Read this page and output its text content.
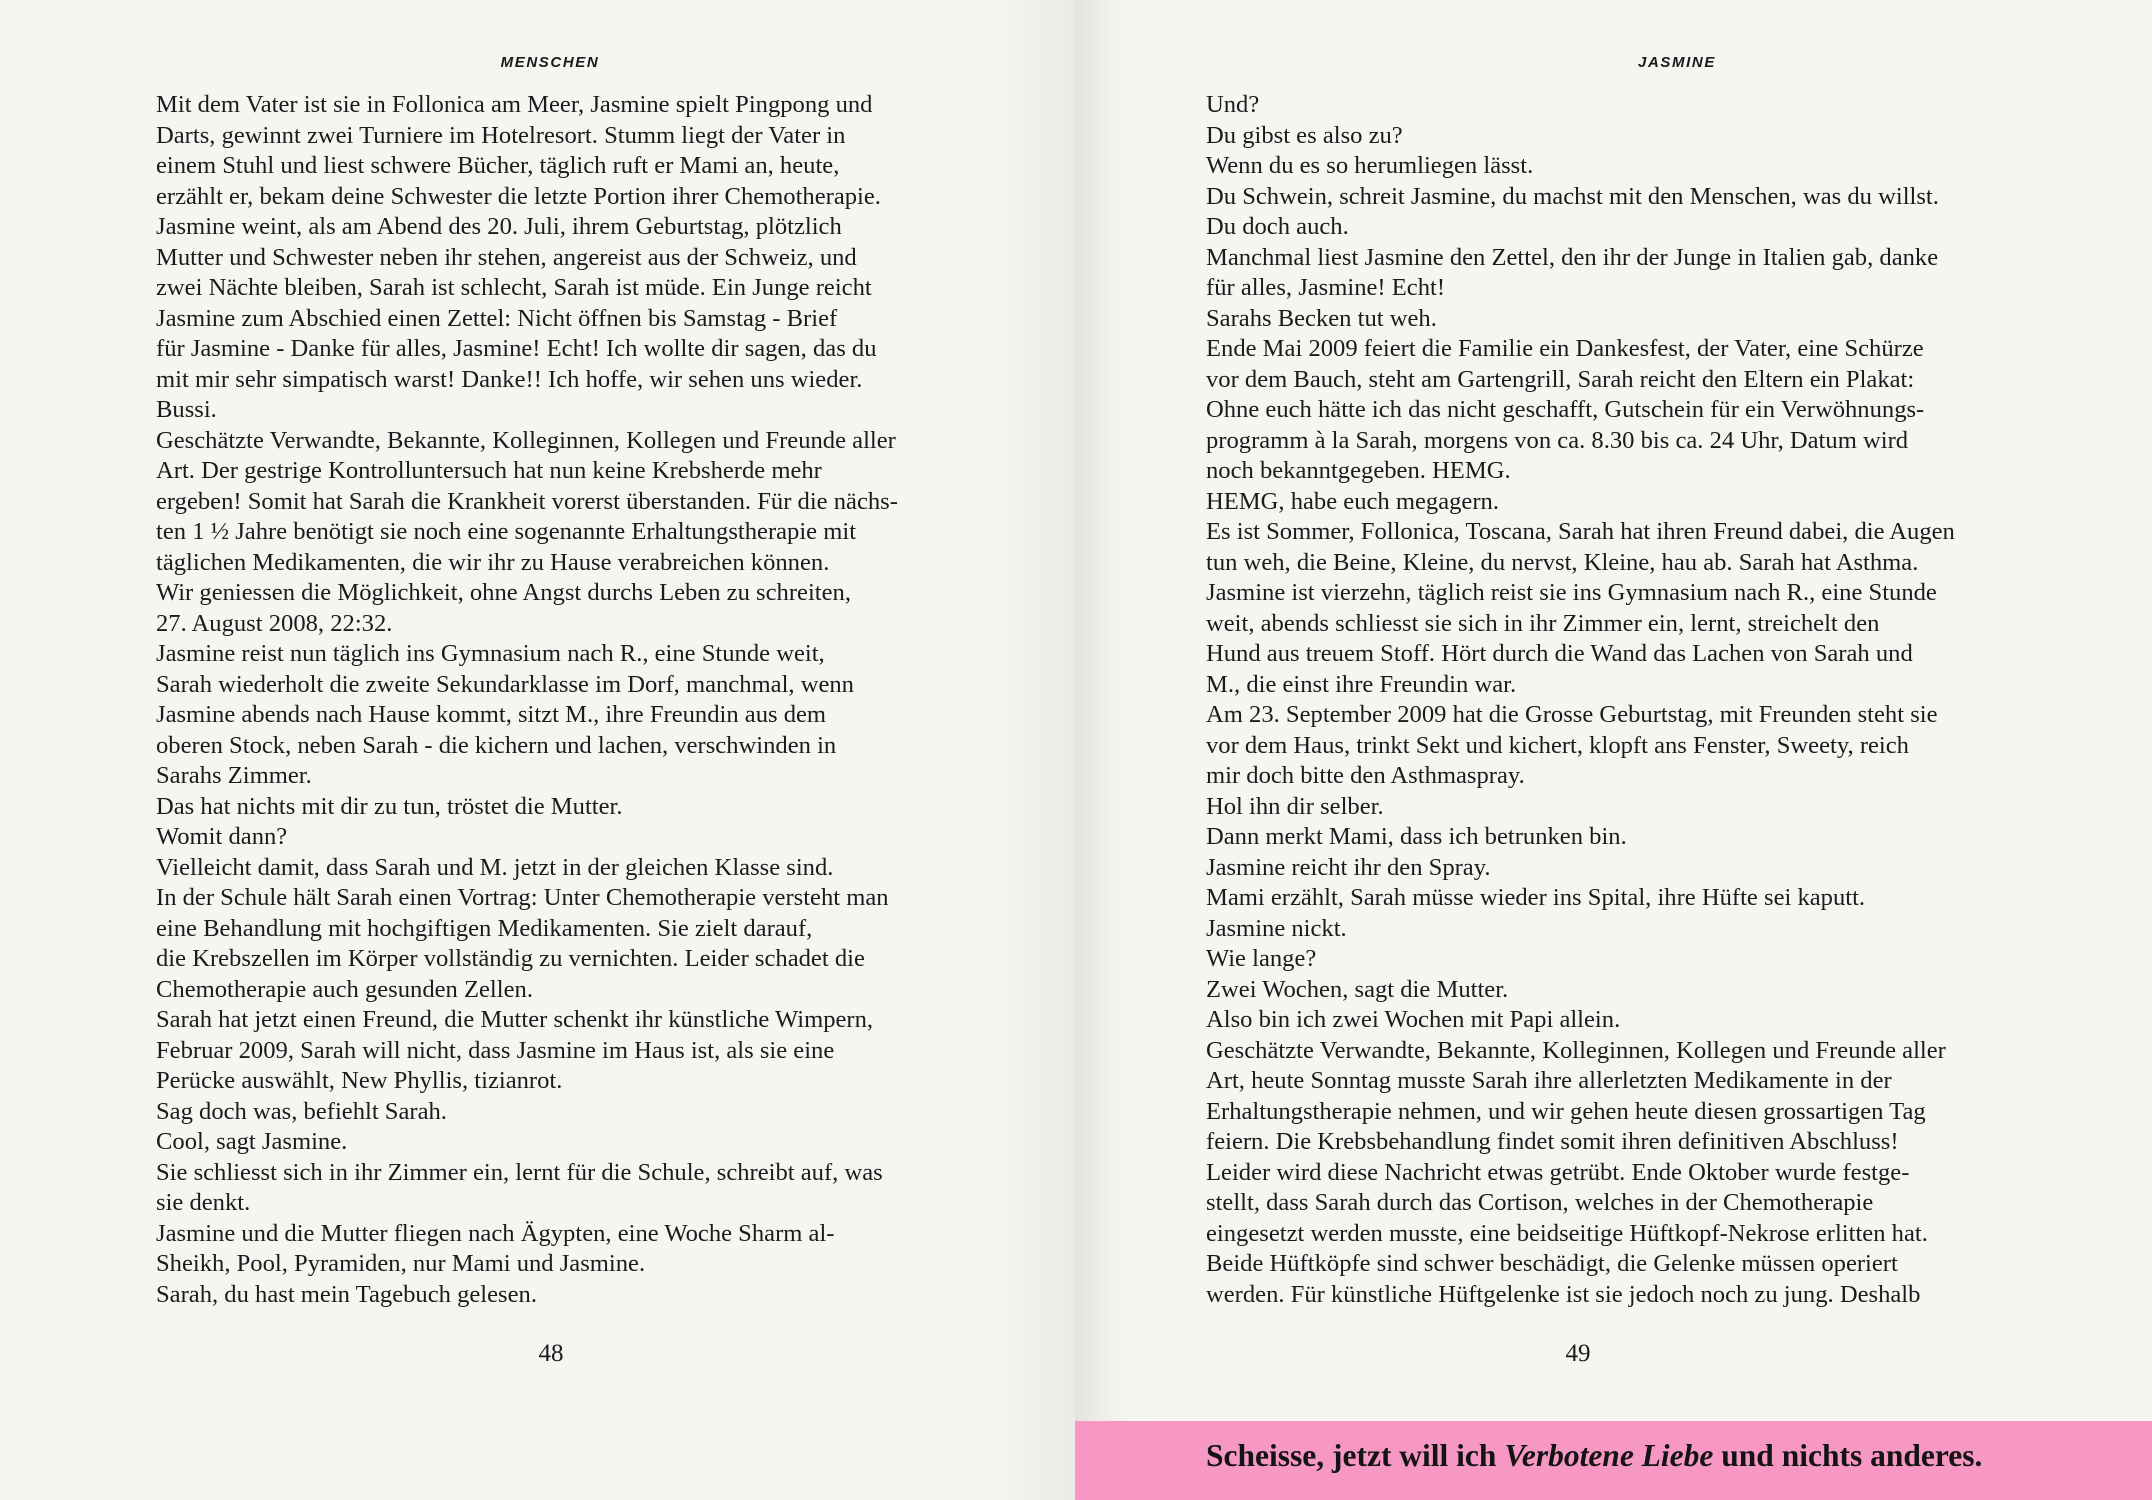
MENSCHEN
Mit dem Vater ist sie in Follonica am Meer, Jasmine spielt Pingpong und
Darts, gewinnt zwei Turniere im Hotelresort. Stumm liegt der Vater in
einem Stuhl und liest schwere Bücher, täglich ruft er Mami an, heute,
erzählt er, bekam deine Schwester die letzte Portion ihrer Chemotherapie.
Jasmine weint, als am Abend des 20. Juli, ihrem Geburtstag, plötzlich
Mutter und Schwester neben ihr stehen, angereist aus der Schweiz, und
zwei Nächte bleiben, Sarah ist schlecht, Sarah ist müde. Ein Junge reicht
Jasmine zum Abschied einen Zettel: Nicht öffnen bis Samstag - Brief
für Jasmine - Danke für alles, Jasmine! Echt! Ich wollte dir sagen, das du
mit mir sehr simpatisch warst! Danke!! Ich hoffe, wir sehen uns wieder.
Bussi.
Geschätzte Verwandte, Bekannte, Kolleginnen, Kollegen und Freunde aller
Art. Der gestrige Kontrolluntersuch hat nun keine Krebsherde mehr
ergeben! Somit hat Sarah die Krankheit vorerst überstanden. Für die nächs-
ten 1 ½ Jahre benötigt sie noch eine sogenannte Erhaltungstherapie mit
täglichen Medikamenten, die wir ihr zu Hause verabreichen können.
Wir geniessen die Möglichkeit, ohne Angst durchs Leben zu schreiten,
27. August 2008, 22:32.
Jasmine reist nun täglich ins Gymnasium nach R., eine Stunde weit,
Sarah wiederholt die zweite Sekundarklasse im Dorf, manchmal, wenn
Jasmine abends nach Hause kommt, sitzt M., ihre Freundin aus dem
oberen Stock, neben Sarah - die kichern und lachen, verschwinden in
Sarahs Zimmer.
Das hat nichts mit dir zu tun, tröstet die Mutter.
Womit dann?
Vielleicht damit, dass Sarah und M. jetzt in der gleichen Klasse sind.
In der Schule hält Sarah einen Vortrag: Unter Chemotherapie versteht man
eine Behandlung mit hochgiftigen Medikamenten. Sie zielt darauf,
die Krebszellen im Körper vollständig zu vernichten. Leider schadet die
Chemotherapie auch gesunden Zellen.
Sarah hat jetzt einen Freund, die Mutter schenkt ihr künstliche Wimpern,
Februar 2009, Sarah will nicht, dass Jasmine im Haus ist, als sie eine
Perücke auswählt, New Phyllis, tizianrot.
Sag doch was, befiehlt Sarah.
Cool, sagt Jasmine.
Sie schliesst sich in ihr Zimmer ein, lernt für die Schule, schreibt auf, was
sie denkt.
Jasmine und die Mutter fliegen nach Ägypten, eine Woche Sharm al-
Sheikh, Pool, Pyramiden, nur Mami und Jasmine.
Sarah, du hast mein Tagebuch gelesen.
48
JASMINE
Und?
Du gibst es also zu?
Wenn du es so herumliegen lässt.
Du Schwein, schreit Jasmine, du machst mit den Menschen, was du willst.
Du doch auch.
Manchmal liest Jasmine den Zettel, den ihr der Junge in Italien gab, danke
für alles, Jasmine! Echt!
Sarahs Becken tut weh.
Ende Mai 2009 feiert die Familie ein Dankesfest, der Vater, eine Schürze
vor dem Bauch, steht am Gartengrill, Sarah reicht den Eltern ein Plakat:
Ohne euch hätte ich das nicht geschafft, Gutschein für ein Verwöhnungs-
programm à la Sarah, morgens von ca. 8.30 bis ca. 24 Uhr, Datum wird
noch bekanntgegeben. HEMG.
HEMG, habe euch megagern.
Es ist Sommer, Follonica, Toscana, Sarah hat ihren Freund dabei, die Augen
tun weh, die Beine, Kleine, du nervst, Kleine, hau ab. Sarah hat Asthma.
Jasmine ist vierzehn, täglich reist sie ins Gymnasium nach R., eine Stunde
weit, abends schliesst sie sich in ihr Zimmer ein, lernt, streichelt den
Hund aus treuem Stoff. Hört durch die Wand das Lachen von Sarah und
M., die einst ihre Freundin war.
Am 23. September 2009 hat die Grosse Geburtstag, mit Freunden steht sie
vor dem Haus, trinkt Sekt und kichert, klopft ans Fenster, Sweety, reich
mir doch bitte den Asthmaspray.
Hol ihn dir selber.
Dann merkt Mami, dass ich betrunken bin.
Jasmine reicht ihr den Spray.
Mami erzählt, Sarah müsse wieder ins Spital, ihre Hüfte sei kaputt.
Jasmine nickt.
Wie lange?
Zwei Wochen, sagt die Mutter.
Also bin ich zwei Wochen mit Papi allein.
Geschätzte Verwandte, Bekannte, Kolleginnen, Kollegen und Freunde aller
Art, heute Sonntag musste Sarah ihre allerletzten Medikamente in der
Erhaltungstherapie nehmen, und wir gehen heute diesen grossartigen Tag
feiern. Die Krebsbehandlung findet somit ihren definitiven Abschluss!
Leider wird diese Nachricht etwas getrübt. Ende Oktober wurde festge-
stellt, dass Sarah durch das Cortison, welches in der Chemotherapie
eingesetzt werden musste, eine beidseitige Hüftkopf-Nekrose erlitten hat.
Beide Hüftköpfe sind schwer beschädigt, die Gelenke müssen operiert
werden. Für künstliche Hüftgelenke ist sie jedoch noch zu jung. Deshalb
49
Scheisse, jetzt will ich Verbotene Liebe und nichts anderes.
